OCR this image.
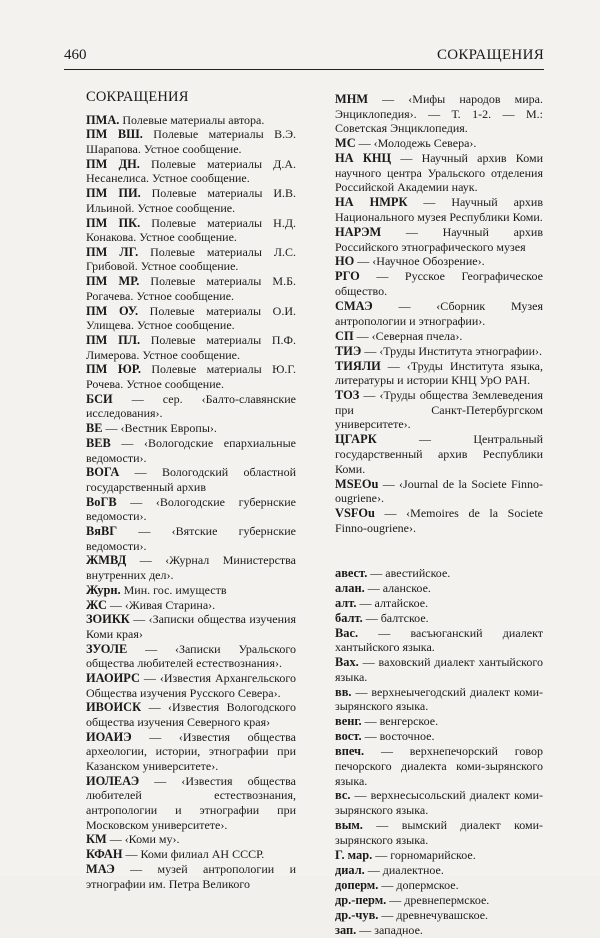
460	СОКРАЩЕНИЯ
СОКРАЩЕНИЯ
ПМА. Полевые материалы автора.
ПМ ВШ. Полевые материалы В.Э. Шарапова. Устное сообщение.
ПМ ДН. Полевые материалы Д.А. Несанелиса. Устное сообщение.
ПМ ПИ. Полевые материалы И.В. Ильиной. Устное сообщение.
ПМ ПК. Полевые материалы Н.Д. Конакова. Устное сообщение.
ПМ ЛГ. Полевые материалы Л.С. Грибовой. Устное сообщение.
ПМ МР. Полевые материалы М.Б. Рогачева. Устное сообщение.
ПМ ОУ. Полевые материалы О.И. Улищева. Устное сообщение.
ПМ ПЛ. Полевые материалы П.Ф. Лимерова. Устное сообщение.
ПМ ЮР. Полевые материалы Ю.Г. Рочева. Устное сообщение.
БСИ — сер. ‹Балто-славянские исследования›.
ВЕ — ‹Вестник Европы›.
ВЕВ — ‹Вологодские епархиальные ведомости›.
ВОГА — Вологодский областной государственный архив
ВоГВ — ‹Вологодские губернские ведомости›.
ВяВГ — ‹Вятские губернские ведомости›.
ЖМВД — ‹Журнал Министерства внутренних дел›.
Журн. Мин. гос. имуществ
ЖС — ‹Живая Старина›.
ЗОИКК — ‹Записки общества изучения Коми края›
ЗУОЛЕ — ‹Записки Уральского общества любителей естествознания›.
ИАОИРС — ‹Известия Архангельского Общества изучения Русского Севера›.
ИВОИСК — ‹Известия Вологодского общества изучения Северного края›
ИОАИЭ — ‹Известия общества археологии, истории, этнографии при Казанском университете›.
ИОЛЕАЭ — ‹Известия общества любителей естествознания, антропологии и этнографии при Московском университете›.
КМ — ‹Коми му›.
КФАН — Коми филиал АН СССР.
МАЭ — музей антропологии и этнографии им. Петра Великого
МНМ — ‹Мифы народов мира. Энциклопедия›. — Т. 1-2. — М.: Советская Энциклопедия.
МС — ‹Молодежь Севера›.
НА КНЦ — Научный архив Коми научного центра Уральского отделения Российской Академии наук.
НА НМРК — Научный архив Национального музея Республики Коми.
НАРЭМ — Научный архив Российского этнографического музея
НО — ‹Научное Обозрение›.
РГО — Русское Географическое общество.
СМАЭ — ‹Сборник Музея антропологии и этнографии›.
СП — ‹Северная пчела›.
ТИЭ — ‹Труды Института этнографии›.
ТИЯЛИ — ‹Труды Института языка, литературы и истории КНЦ УрО РАН.
ТОЗ — ‹Труды общества Землеведения при Санкт-Петербургском университете›.
ЦГАРК — Центральный государственный архив Республики Коми.
MSEOu — ‹Journal de la Societe Finno-ougriene›.
VSFOu — ‹Memoires de la Societe Finno-ougriene›.
авест. — авестийское.
алан. — аланское.
алт. — алтайское.
балт. — балтское.
Вас. — васъюганский диалект хантыйского языка.
Вах. — ваховский диалект хантыйского языка.
вв. — верхнеычегодский диалект коми-зырянского языка.
венг. — венгерское.
вост. — восточное.
впеч. — верхнепечорский говор печорского диалекта коми-зырянского языка.
вс. — верхнесысольский диалект коми-зырянского языка.
вым. — вымский диалект коми-зырянского языка.
Г. мар. — горномарийское.
диал. — диалектное.
доперм. — допермское.
др.-перм. — древнепермское.
др.-чув. — древнечувашское.
зап. — западное.
